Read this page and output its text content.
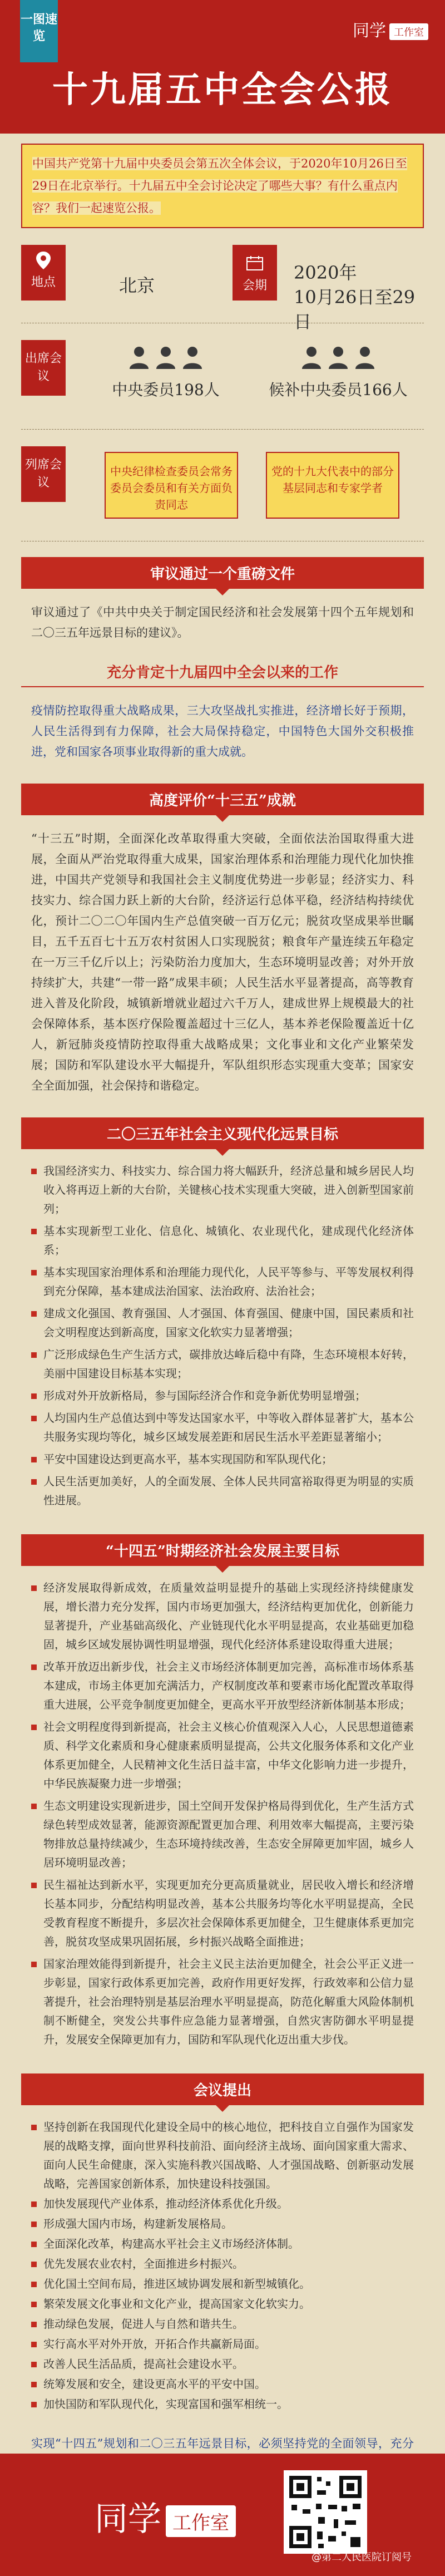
一图速览	同学 工作室
十九届五中全会公报
中国共产党第十九届中央委员会第五次全体会议，于2020年10月26日至29日在北京举行。十九届五中全会讨论决定了哪些大事？有什么重点内容？我们一起速览公报。
地点	北京	会期
2020年
10月26日至29日
出席会议
中央委员198人	候补中央委员166人
列席会议
中央纪律检查委员会常务委员会委员和有关方面负责同志
党的十九大代表中的部分基层同志和专家学者
审议通过一个重磅文件
审议通过了《中共中央关于制定国民经济和社会发展第十四个五年规划和二〇三五年远景目标的建议》。
充分肯定十九届四中全会以来的工作
疫情防控取得重大战略成果，三大攻坚战扎实推进，经济增长好于预期，人民生活得到有力保障，社会大局保持稳定，中国特色大国外交积极推进，党和国家各项事业取得新的重大成就。
高度评价“十三五”成就
“十三五”时期，全面深化改革取得重大突破，全面依法治国取得重大进展，全面从严治党取得重大成果，国家治理体系和治理能力现代化加快推进，中国共产党领导和我国社会主义制度优势进一步彰显；经济实力、科技实力、综合国力跃上新的大台阶，经济运行总体平稳，经济结构持续优化，预计二〇二〇年国内生产总值突破一百万亿元；脱贫攻坚成果举世瞩目，五千五百七十五万农村贫困人口实现脱贫；粮食年产量连续五年稳定在一万三千亿斤以上；污染防治力度加大，生态环境明显改善；对外开放持续扩大，共建“一带一路”成果丰硕；人民生活水平显著提高，高等教育进入普及化阶段，城镇新增就业超过六千万人，建成世界上规模最大的社会保障体系，基本医疗保险覆盖超过十三亿人，基本养老保险覆盖近十亿人，新冠肺炎疫情防控取得重大战略成果；文化事业和文化产业繁荣发展；国防和军队建设水平大幅提升，军队组织形态实现重大变革；国家安全全面加强，社会保持和谐稳定。
二〇三五年社会主义现代化远景目标
我国经济实力、科技实力、综合国力将大幅跃升，经济总量和城乡居民人均收入将再迈上新的大台阶，关键核心技术实现重大突破，进入创新型国家前列；
基本实现新型工业化、信息化、城镇化、农业现代化，建成现代化经济体系；
基本实现国家治理体系和治理能力现代化，人民平等参与、平等发展权利得到充分保障，基本建成法治国家、法治政府、法治社会；
建成文化强国、教育强国、人才强国、体育强国、健康中国，国民素质和社会文明程度达到新高度，国家文化软实力显著增强；
广泛形成绿色生产生活方式，碳排放达峰后稳中有降，生态环境根本好转，美丽中国建设目标基本实现；
形成对外开放新格局，参与国际经济合作和竞争新优势明显增强；
人均国内生产总值达到中等发达国家水平，中等收入群体显著扩大，基本公共服务实现均等化，城乡区域发展差距和居民生活水平差距显著缩小；
平安中国建设达到更高水平，基本实现国防和军队现代化；
人民生活更加美好，人的全面发展、全体人民共同富裕取得更为明显的实质性进展。
“十四五”时期经济社会发展主要目标
经济发展取得新成效，在质量效益明显提升的基础上实现经济持续健康发展，增长潜力充分发挥，国内市场更加强大，经济结构更加优化，创新能力显著提升，产业基础高级化、产业链现代化水平明显提高，农业基础更加稳固，城乡区域发展协调性明显增强，现代化经济体系建设取得重大进展；
改革开放迈出新步伐，社会主义市场经济体制更加完善，高标准市场体系基本建成，市场主体更加充满活力，产权制度改革和要素市场化配置改革取得重大进展，公平竞争制度更加健全，更高水平开放型经济新体制基本形成；
社会文明程度得到新提高，社会主义核心价值观深入人心，人民思想道德素质、科学文化素质和身心健康素质明显提高，公共文化服务体系和文化产业体系更加健全，人民精神文化生活日益丰富，中华文化影响力进一步提升，中华民族凝聚力进一步增强；
生态文明建设实现新进步，国土空间开发保护格局得到优化，生产生活方式绿色转型成效显著，能源资源配置更加合理、利用效率大幅提高，主要污染物排放总量持续减少，生态环境持续改善，生态安全屏障更加牢固，城乡人居环境明显改善；
民生福祉达到新水平，实现更加充分更高质量就业，居民收入增长和经济增长基本同步，分配结构明显改善，基本公共服务均等化水平明显提高，全民受教育程度不断提升，多层次社会保障体系更加健全，卫生健康体系更加完善，脱贫攻坚成果巩固拓展，乡村振兴战略全面推进；
国家治理效能得到新提升，社会主义民主法治更加健全，社会公平正义进一步彰显，国家行政体系更加完善，政府作用更好发挥，行政效率和公信力显著提升，社会治理特别是基层治理水平明显提高，防范化解重大风险体制机制不断健全，突发公共事件应急能力显著增强，自然灾害防御水平明显提升，发展安全保障更加有力，国防和军队现代化迈出重大步伐。
会议提出
坚持创新在我国现代化建设全局中的核心地位，把科技自立自强作为国家发展的战略支撑，面向世界科技前沿、面向经济主战场、面向国家重大需求、面向人民生命健康，深入实施科教兴国战略、人才强国战略、创新驱动发展战略，完善国家创新体系，加快建设科技强国。
加快发展现代产业体系，推动经济体系优化升级。
形成强大国内市场，构建新发展格局。
全面深化改革，构建高水平社会主义市场经济体制。
优先发展农业农村，全面推进乡村振兴。
优化国土空间布局，推进区域协调发展和新型城镇化。
繁荣发展文化事业和文化产业，提高国家文化软实力。
推动绿色发展，促进人与自然和谐共生。
实行高水平对外开放，开拓合作共赢新局面。
改善人民生活品质，提高社会建设水平。
统筹发展和安全，建设更高水平的平安中国。
加快国防和军队现代化，实现富国和强军相统一。
实现“十四五”规划和二〇三五年远景目标，必须坚持党的全面领导，充分
同学 工作室
@第二人民医院订阅号
